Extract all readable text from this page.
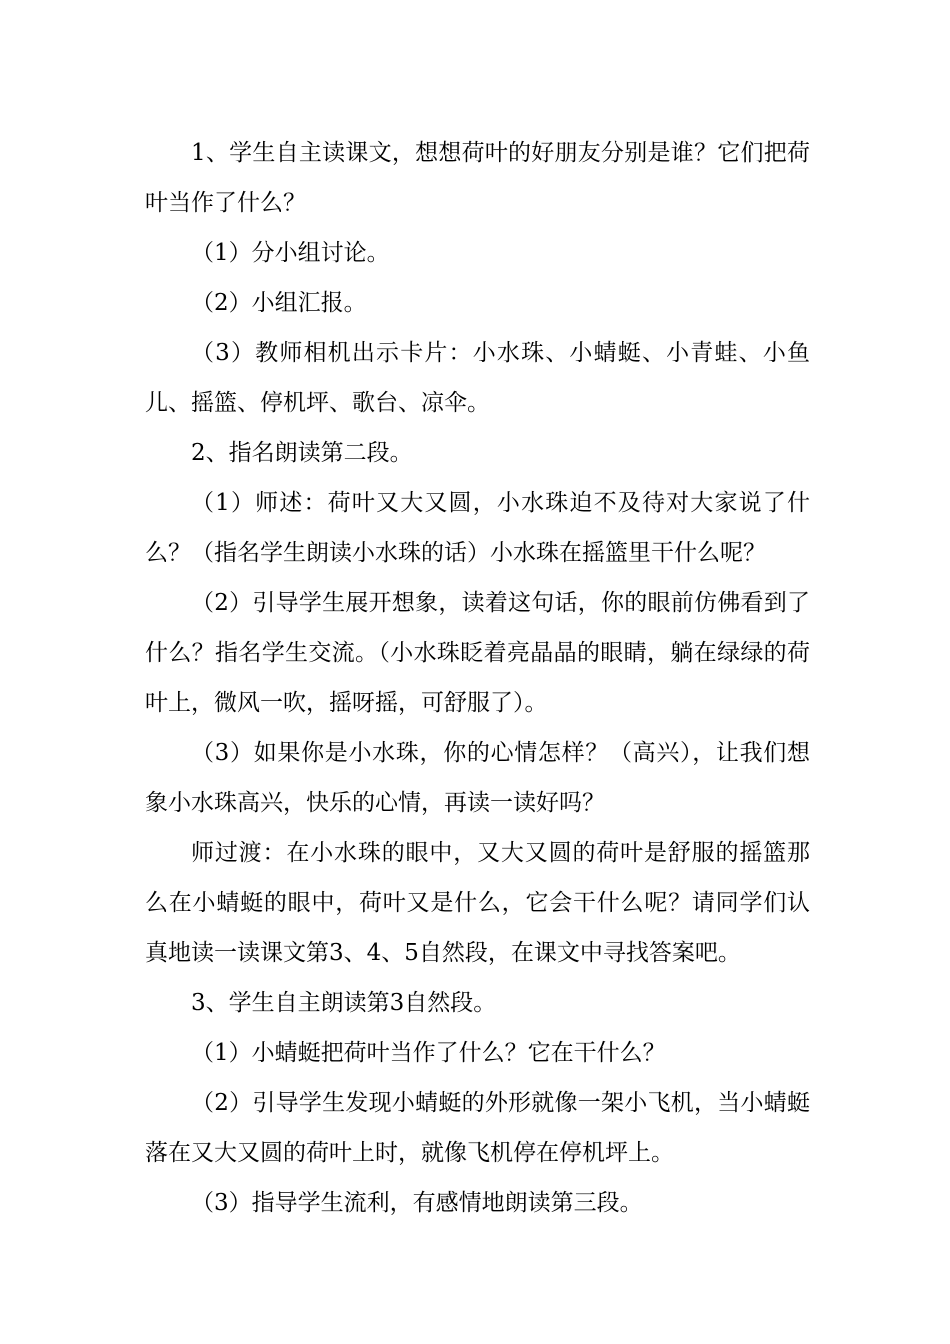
1、学生自主读课文，想想荷叶的好朋友分别是谁？它们把荷叶当作了什么？

（1）分小组讨论。

（2）小组汇报。

（3）教师相机出示卡片：小水珠、小蜻蜓、小青蛙、小鱼儿、摇篮、停机坪、歌台、凉伞。

2、指名朗读第二段。

（1）师述：荷叶又大又圆，小水珠迫不及待对大家说了什么？（指名学生朗读小水珠的话）小水珠在摇篮里干什么呢？

（2）引导学生展开想象，读着这句话，你的眼前仿佛看到了什么？指名学生交流。（小水珠眨着亮晶晶的眼睛，躺在绿绿的荷叶上，微风一吹，摇呀摇，可舒服了）。

（3）如果你是小水珠，你的心情怎样？（高兴），让我们想象小水珠高兴，快乐的心情，再读一读好吗？

师过渡：在小水珠的眼中，又大又圆的荷叶是舒服的摇篮那么在小蜻蜓的眼中，荷叶又是什么，它会干什么呢？请同学们认真地读一读课文第3、4、5自然段，在课文中寻找答案吧。

3、学生自主朗读第3自然段。

（1）小蜻蜓把荷叶当作了什么？它在干什么？

（2）引导学生发现小蜻蜓的外形就像一架小飞机，当小蜻蜓落在又大又圆的荷叶上时，就像飞机停在停机坪上。

（3）指导学生流利，有感情地朗读第三段。
